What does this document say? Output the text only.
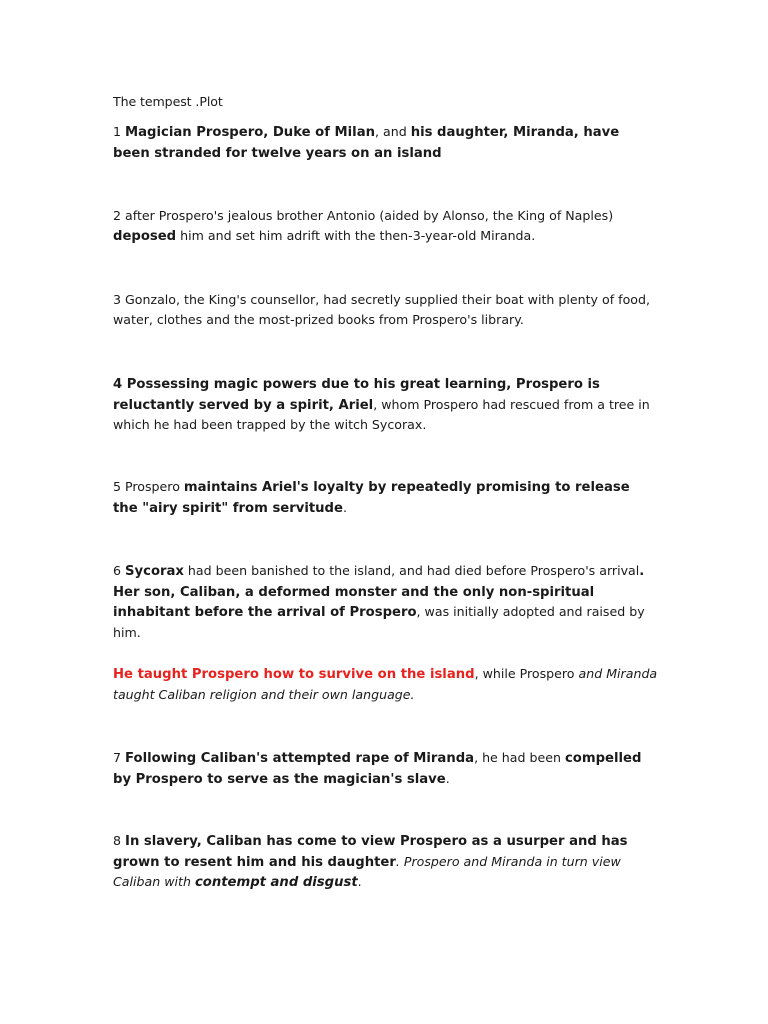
The tempest .Plot
1 Magician Prospero, Duke of Milan, and his daughter, Miranda, have been stranded for twelve years on an island
2 after Prospero's jealous brother Antonio (aided by Alonso, the King of Naples) deposed him and set him adrift with the then-3-year-old Miranda.
3 Gonzalo, the King's counsellor, had secretly supplied their boat with plenty of food, water, clothes and the most-prized books from Prospero's library.
4 Possessing magic powers due to his great learning, Prospero is reluctantly served by a spirit, Ariel, whom Prospero had rescued from a tree in which he had been trapped by the witch Sycorax.
5 Prospero maintains Ariel's loyalty by repeatedly promising to release the "airy spirit" from servitude.
6 Sycorax had been banished to the island, and had died before Prospero's arrival. Her son, Caliban, a deformed monster and the only non-spiritual inhabitant before the arrival of Prospero, was initially adopted and raised by him.
He taught Prospero how to survive on the island, while Prospero and Miranda taught Caliban religion and their own language.
7 Following Caliban's attempted rape of Miranda, he had been compelled by Prospero to serve as the magician's slave.
8 In slavery, Caliban has come to view Prospero as a usurper and has grown to resent him and his daughter. Prospero and Miranda in turn view Caliban with contempt and disgust.
